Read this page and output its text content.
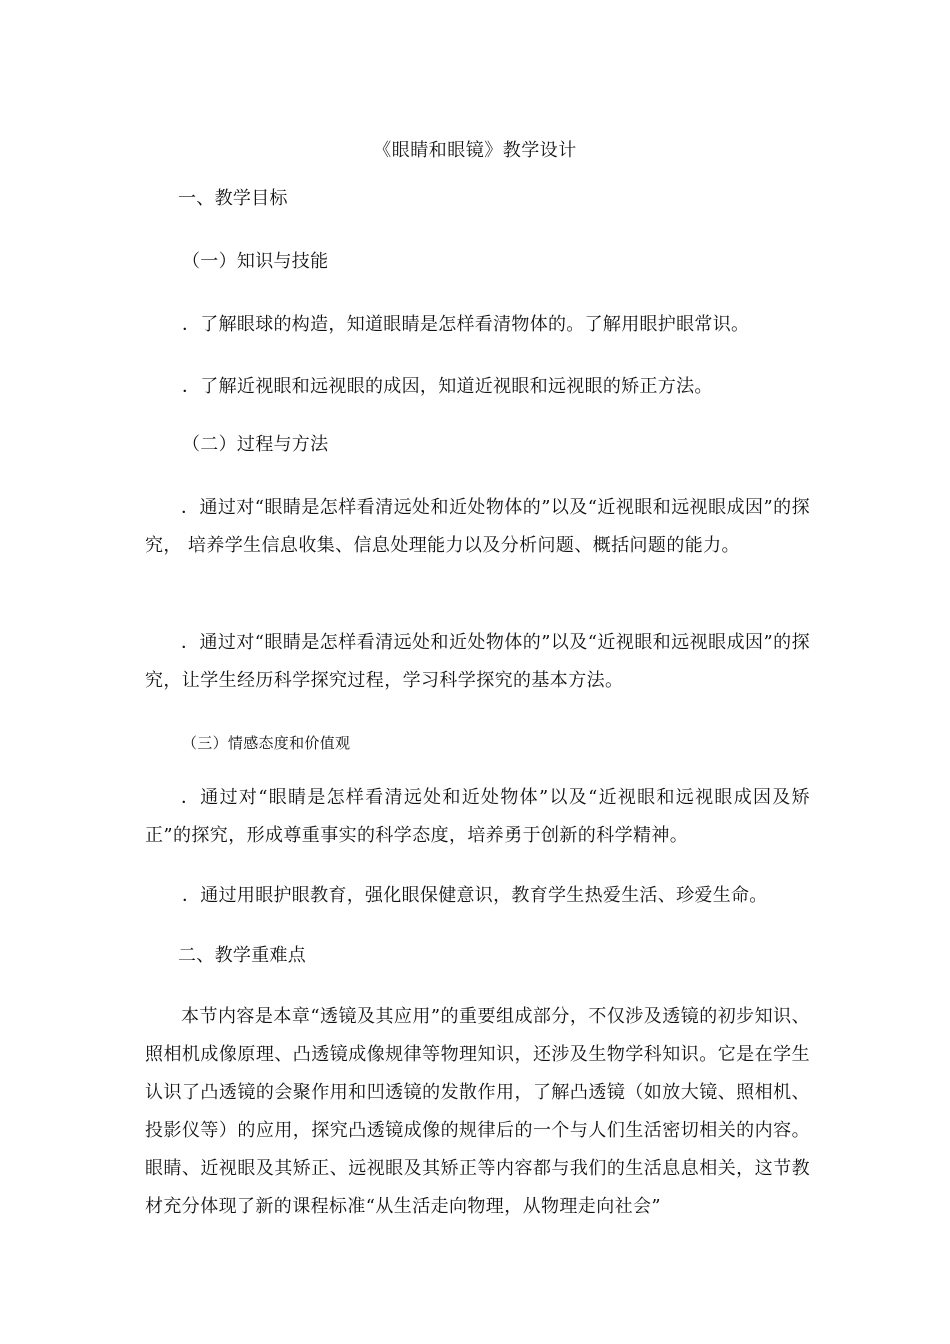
《眼睛和眼镜》教学设计
一、教学目标
（一）知识与技能
．了解眼球的构造，知道眼睛是怎样看清物体的。了解用眼护眼常识。
．了解近视眼和远视眼的成因，知道近视眼和远视眼的矫正方法。
（二）过程与方法
．通过对“眼睛是怎样看清远处和近处物体的”以及“近视眼和远视眼成因”的探究， 培养学生信息收集、信息处理能力以及分析问题、概括问题的能力。
．通过对“眼睛是怎样看清远处和近处物体的”以及“近视眼和远视眼成因”的探究，让学生经历科学探究过程，学习科学探究的基本方法。
（三）情感态度和价值观
．通过对“眼睛是怎样看清远处和近处物体”以及“近视眼和远视眼成因及矫正”的探究，形成尊重事实的科学态度，培养勇于创新的科学精神。
．通过用眼护眼教育，强化眼保健意识，教育学生热爱生活、珍爱生命。
二、教学重难点
本节内容是本章“透镜及其应用”的重要组成部分，不仅涉及透镜的初步知识、照相机成像原理、凸透镜成像规律等物理知识，还涉及生物学科知识。它是在学生认识了凸透镜的会聚作用和凹透镜的发散作用，了解凸透镜（如放大镜、照相机、投影仪等）的应用，探究凸透镜成像的规律后的一个与人们生活密切相关的内容。眼睛、近视眼及其矫正、远视眼及其矫正等内容都与我们的生活息息相关，这节教材充分体现了新的课程标准“从生活走向物理，从物理走向社会”
